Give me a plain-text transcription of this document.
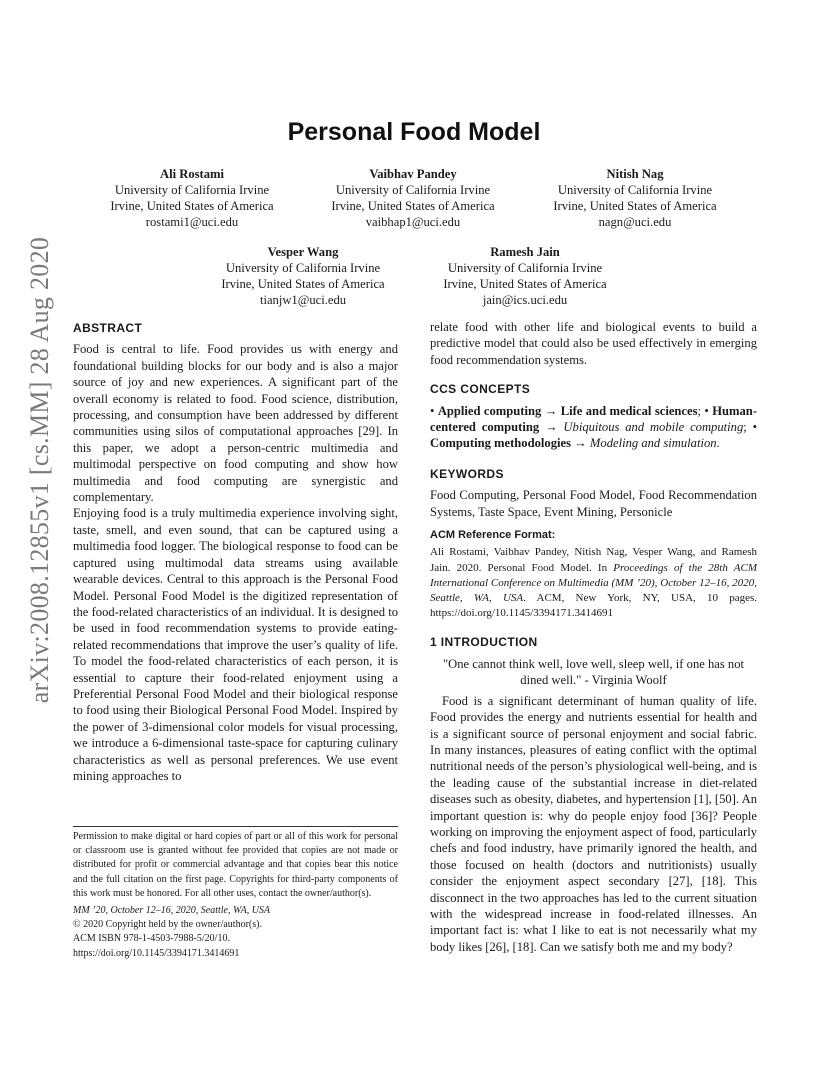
arXiv:2008.12855v1 [cs.MM] 28 Aug 2020
Personal Food Model
Ali Rostami
University of California Irvine
Irvine, United States of America
rostami1@uci.edu
Vaibhav Pandey
University of California Irvine
Irvine, United States of America
vaibhap1@uci.edu
Nitish Nag
University of California Irvine
Irvine, United States of America
nagn@uci.edu
Vesper Wang
University of California Irvine
Irvine, United States of America
tianjw1@uci.edu
Ramesh Jain
University of California Irvine
Irvine, United States of America
jain@ics.uci.edu
ABSTRACT

Food is central to life. Food provides us with energy and foundational building blocks for our body and is also a major source of joy and new experiences. A significant part of the overall economy is related to food. Food science, distribution, processing, and consumption have been addressed by different communities using silos of computational approaches [29]. In this paper, we adopt a person-centric multimedia and multimodal perspective on food computing and show how multimedia and food computing are synergistic and complementary.

Enjoying food is a truly multimedia experience involving sight, taste, smell, and even sound, that can be captured using a multimedia food logger. The biological response to food can be captured using multimodal data streams using available wearable devices. Central to this approach is the Personal Food Model. Personal Food Model is the digitized representation of the food-related characteristics of an individual. It is designed to be used in food recommendation systems to provide eating-related recommendations that improve the user’s quality of life. To model the food-related characteristics of each person, it is essential to capture their food-related enjoyment using a Preferential Personal Food Model and their biological response to food using their Biological Personal Food Model. Inspired by the power of 3-dimensional color models for visual processing, we introduce a 6-dimensional taste-space for capturing culinary characteristics as well as personal preferences. We use event mining approaches to

relate food with other life and biological events to build a predictive model that could also be used effectively in emerging food recommendation systems.

CCS CONCEPTS

• Applied computing → Life and medical sciences; • Human-centered computing → Ubiquitous and mobile computing; • Computing methodologies → Modeling and simulation.

KEYWORDS

Food Computing, Personal Food Model, Food Recommendation Systems, Taste Space, Event Mining, Personicle

ACM Reference Format:

Ali Rostami, Vaibhav Pandey, Nitish Nag, Vesper Wang, and Ramesh Jain. 2020. Personal Food Model. In Proceedings of the 28th ACM International Conference on Multimedia (MM ’20), October 12–16, 2020, Seattle, WA, USA. ACM, New York, NY, USA, 10 pages. https://doi.org/10.1145/3394171.3414691

1 INTRODUCTION

"One cannot think well, love well, sleep well, if one has not dined well." - Virginia Woolf

Food is a significant determinant of human quality of life. Food provides the energy and nutrients essential for health and is a significant source of personal enjoyment and social fabric. In many instances, pleasures of eating conflict with the optimal nutritional needs of the person’s physiological well-being, and is the leading cause of the substantial increase in diet-related diseases such as obesity, diabetes, and hypertension [1], [50]. An important question is: why do people enjoy food [36]? People working on improving the enjoyment aspect of food, particularly chefs and food industry, have primarily ignored the health, and those focused on health (doctors and nutritionists) usually consider the enjoyment aspect secondary [27], [18]. This disconnect in the two approaches has led to the current situation with the widespread increase in food-related illnesses. An important fact is: what I like to eat is not necessarily what my body likes [26], [18]. Can we satisfy both me and my body?

Permission to make digital or hard copies of part or all of this work for personal or classroom use is granted without fee provided that copies are not made or distributed for profit or commercial advantage and that copies bear this notice and the full citation on the first page. Copyrights for third-party components of this work must be honored. For all other uses, contact the owner/author(s).

MM ’20, October 12–16, 2020, Seattle, WA, USA

© 2020 Copyright held by the owner/author(s).

ACM ISBN 978-1-4503-7988-5/20/10.

https://doi.org/10.1145/3394171.3414691
